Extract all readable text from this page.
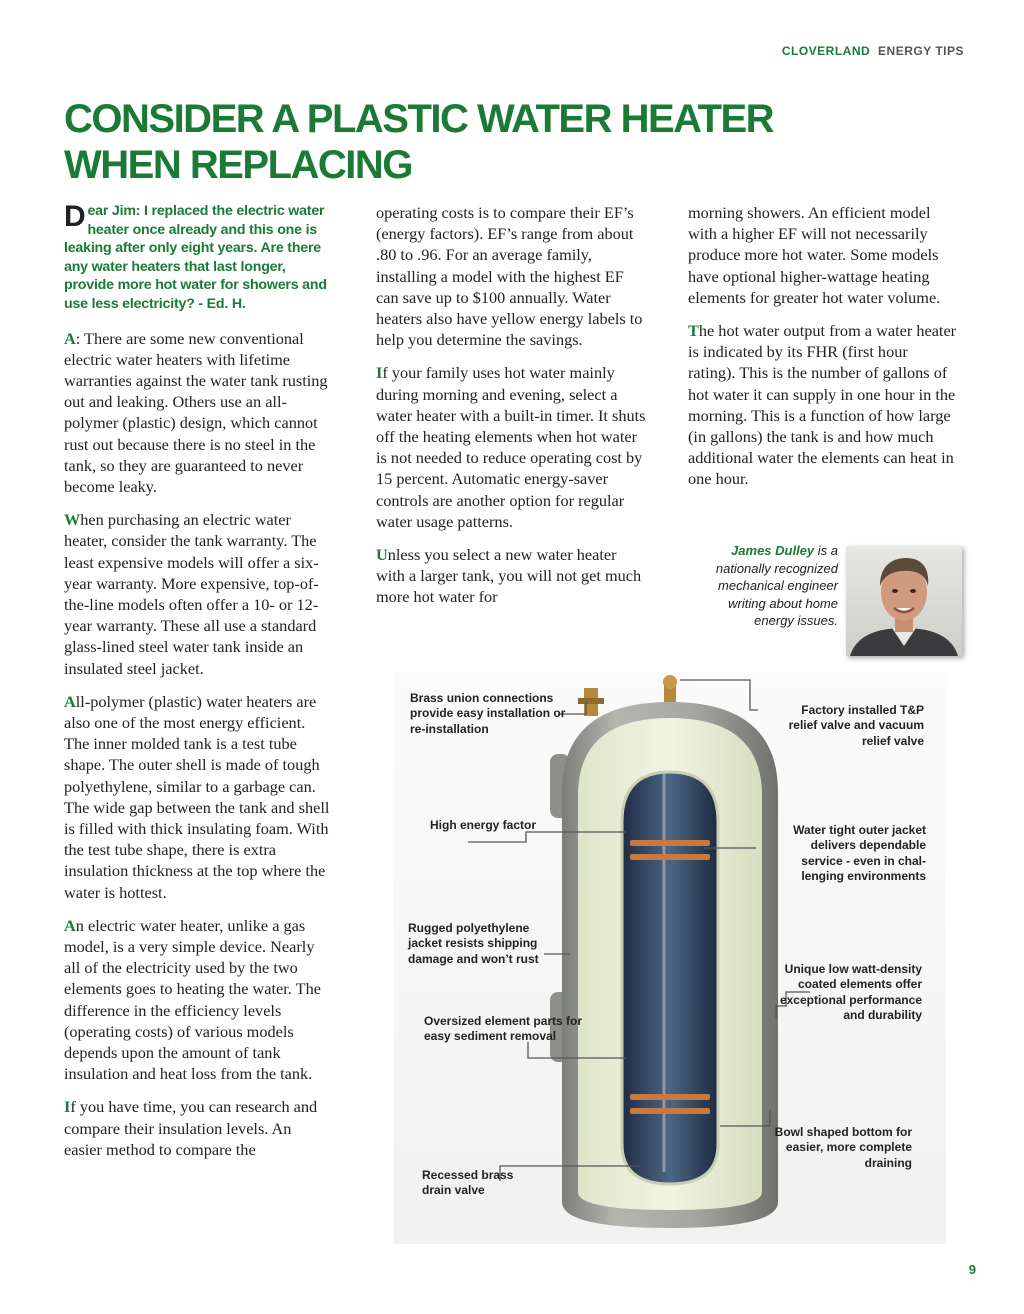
CLOVERLAND ENERGY TIPS
CONSIDER A PLASTIC WATER HEATER
WHEN REPLACING

Dear Jim: I replaced the electric water heater once already and this one is leaking after only eight years. Are there any water heaters that last longer, provide more hot water for showers and use less electricity? - Ed. H.

A: There are some new conventional electric water heaters with lifetime warranties against the water tank rusting out and leaking. Others use an all-polymer (plastic) design, which cannot rust out because there is no steel in the tank, so they are guaranteed to never become leaky.

When purchasing an electric water heater, consider the tank warranty. The least expensive models will offer a six-year warranty. More expensive, top-of-the-line models often offer a 10- or 12-year warranty. These all use a standard glass-lined steel water tank inside an insulated steel jacket.

All-polymer (plastic) water heaters are also one of the most energy efficient. The inner molded tank is a test tube shape. The outer shell is made of tough polyethylene, similar to a garbage can. The wide gap between the tank and shell is filled with thick insulating foam. With the test tube shape, there is extra insulation thickness at the top where the water is hottest.

An electric water heater, unlike a gas model, is a very simple device. Nearly all of the electricity used by the two elements goes to heating the water. The difference in the efficiency levels (operating costs) of various models depends upon the amount of tank insulation and heat loss from the tank.

If you have time, you can research and compare their insulation levels. An easier method to compare the

operating costs is to compare their EF’s (energy factors). EF’s range from about .80 to .96. For an average family, installing a model with the highest EF can save up to $100 annually. Water heaters also have yellow energy labels to help you determine the savings.

If your family uses hot water mainly during morning and evening, select a water heater with a built-in timer. It shuts off the heating elements when hot water is not needed to reduce operating cost by 15 percent. Automatic energy-saver controls are another option for regular water usage patterns.

Unless you select a new water heater with a larger tank, you will not get much more hot water for

morning showers. An efficient model with a higher EF will not necessarily produce more hot water. Some models have optional higher-wattage heating elements for greater hot water volume.

The hot water output from a water heater is indicated by its FHR (first hour rating). This is the number of gallons of hot water it can supply in one hour in the morning. This is a function of how large (in gallons) the tank is and how much additional water the elements can heat in one hour.

James Dulley is a nationally recognized mechanical engineer writing about home energy issues.
Brass union connections provide easy installation or re-installation
High energy factor
Rugged polyethylene jacket resists shipping damage and won’t rust
Oversized element parts for easy sediment removal
Recessed brass drain valve
Factory installed T&P relief valve and vacuum relief valve
Water tight outer jacket delivers dependable service - even in chal-lenging environments
Unique low watt-density coated elements offer exceptional performance and durability
Bowl shaped bottom for easier, more complete draining
9
